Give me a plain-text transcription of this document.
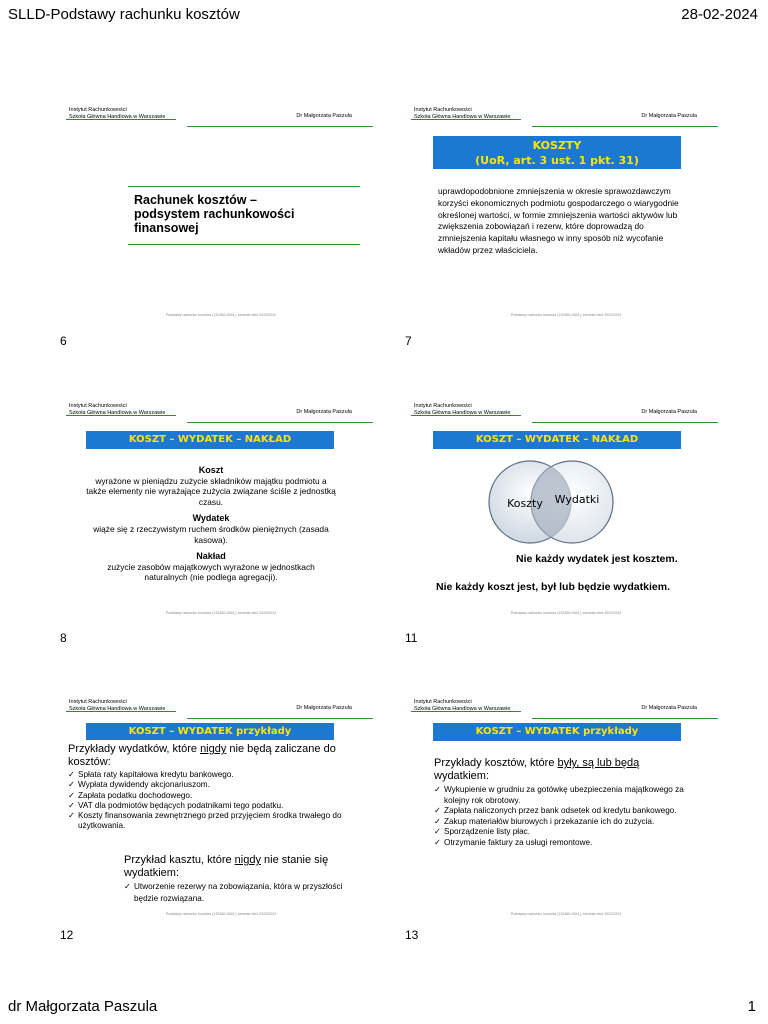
SLLD-Podstawy rachunku kosztów	28-02-2024
Instytut Rachunkowości
Szkoła Główna Handlowa w Warszawie	Dr Małgorzata Paszula
Rachunek kosztów –
podsystem rachunkowości
finansowej
Podstawy rachunku kosztów (132360-0641), semestr letni 2023/2024
6
Instytut Rachunkowości
Szkoła Główna Handlowa w Warszawie	Dr Małgorzata Paszula
KOSZTY
(UoR, art. 3 ust. 1 pkt. 31)
uprawdopodobnione zmniejszenia w okresie sprawozdawczym korzyści ekonomicznych podmiotu gospodarczego o wiarygodnie określonej wartości, w formie zmniejszenia wartości aktywów lub zwiększenia zobowiązań i rezerw, które doprowadzą do zmniejszenia kapitału własnego w inny sposób niż wycofanie wkładów przez właściciela.
Podstawy rachunku kosztów (132360-0641), semestr letni 2023/2024
7
Instytut Rachunkowości
Szkoła Główna Handlowa w Warszawie	Dr Małgorzata Paszula
KOSZT – WYDATEK – NAKŁAD
Koszt
wyrażone w pieniądzu zużycie składników majątku podmiotu a także elementy nie wyrażające zużycia związane ściśle z jednostką czasu.
Wydatek
wiąże się z rzeczywistym ruchem środków pieniężnych (zasada kasowa).
Nakład
zużycie zasobów majątkowych wyrażone w jednostkach naturalnych (nie podlega agregacji).
Podstawy rachunku kosztów (132360-0641), semestr letni 2023/2024
8
Instytut Rachunkowości
Szkoła Główna Handlowa w Warszawie	Dr Małgorzata Paszula
KOSZT – WYDATEK – NAKŁAD
Koszty Wydatki
Nie każdy wydatek jest kosztem.
Nie każdy koszt jest, był lub będzie wydatkiem.
Podstawy rachunku kosztów (132360-0641), semestr letni 2023/2024
11
Instytut Rachunkowości
Szkoła Główna Handlowa w Warszawie	Dr Małgorzata Paszula
KOSZT – WYDATEK przykłady
Przykłady wydatków, które nigdy nie będą zaliczane do kosztów:
✓ Spłata raty kapitałowa kredytu bankowego.
✓ Wypłata dywidendy akcjonariuszom.
✓ Zapłata podatku dochodowego.
✓ VAT dla podmiotów będących podatnikami tego podatku.
✓ Koszty finansowania zewnętrznego przed przyjęciem środka trwałego do użytkowania.
Przykład kasztu, które nigdy nie stanie się wydatkiem:
✓ Utworzenie rezerwy na zobowiązania, która w przyszłości będzie rozwiązana.
Podstawy rachunku kosztów (132360-0641), semestr letni 2023/2024
12
Instytut Rachunkowości
Szkoła Główna Handlowa w Warszawie	Dr Małgorzata Paszula
KOSZT – WYDATEK przykłady
Przykłady kosztów, które były, są lub będą wydatkiem:
✓ Wykupienie w grudniu za gotówkę ubezpieczenia majątkowego za kolejny rok obrotowy.
✓ Zapłata naliczonych przez bank odsetek od kredytu bankowego.
✓ Zakup materiałów biurowych i przekazanie ich do zużycia.
✓ Sporządzenie listy płac.
✓ Otrzymanie faktury za usługi remontowe.
Podstawy rachunku kosztów (132360-0641), semestr letni 2023/2024
13
dr Małgorzata Paszula	1
